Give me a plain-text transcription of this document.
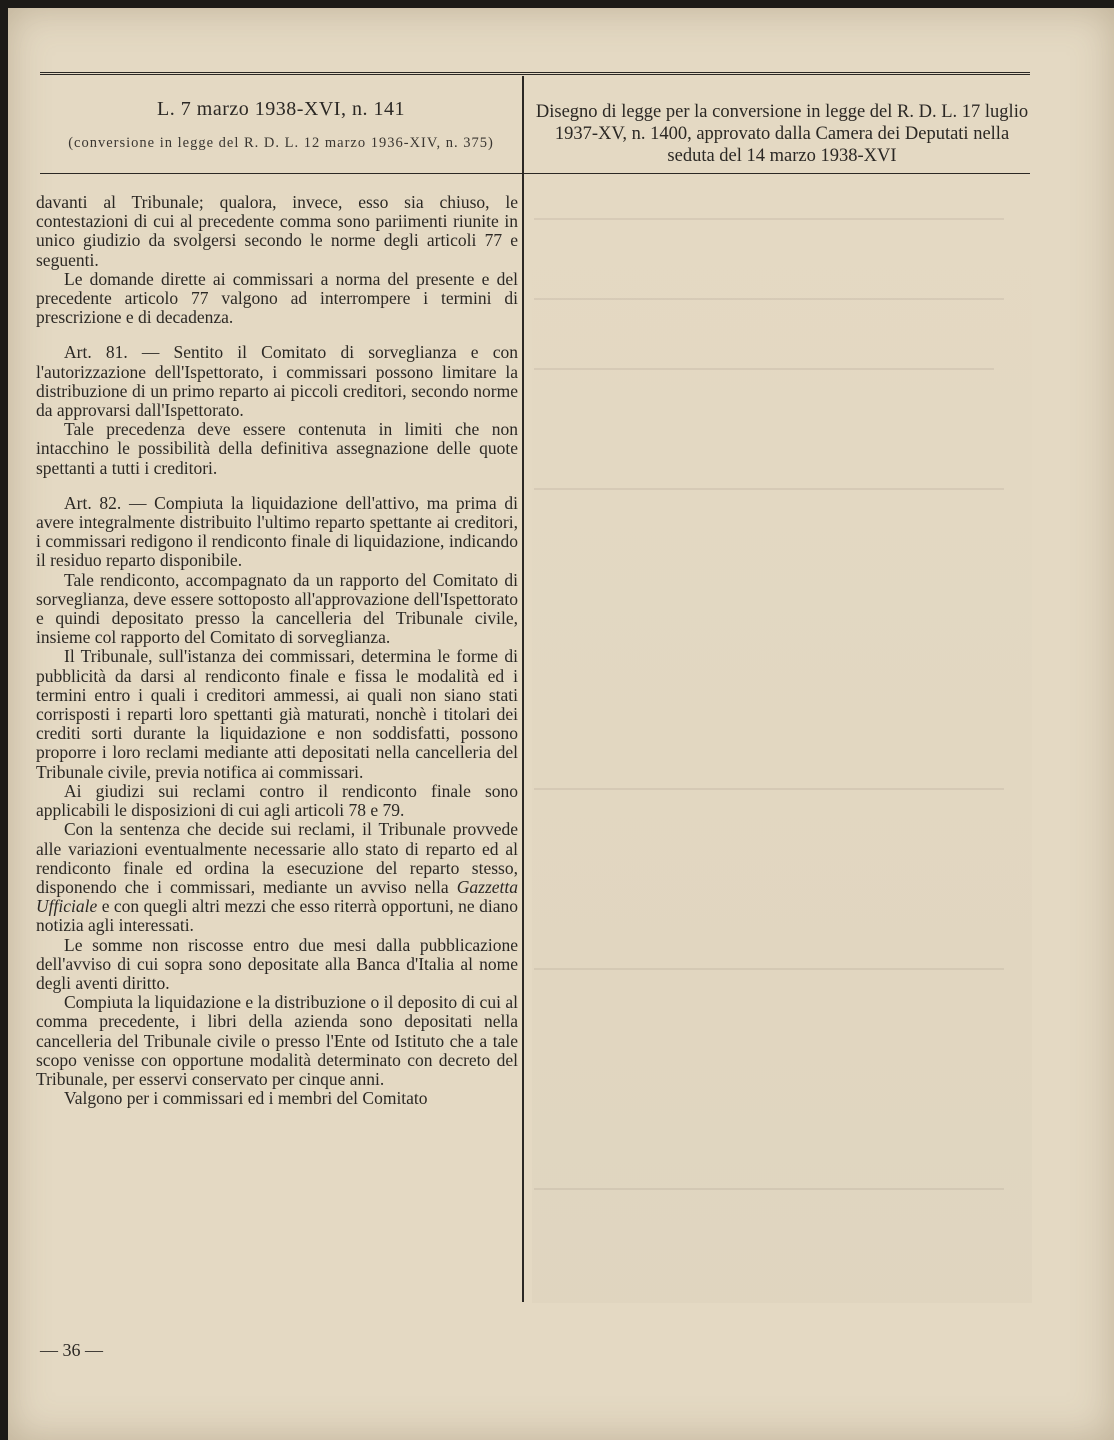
L. 7 marzo 1938-XVI, n. 141

(conversione in legge del R. D. L. 12 marzo 1936-XIV, n. 375)

Disegno di legge per la conversione in legge del R. D. L. 17 luglio 1937-XV, n. 1400, approvato dalla Camera dei Deputati nella seduta del 14 marzo 1938-XVI

davanti al Tribunale; qualora, invece, esso sia chiuso, le contestazioni di cui al precedente comma sono pariimenti riunite in unico giudizio da svolgersi secondo le norme degli articoli 77 e seguenti.

Le domande dirette ai commissari a norma del presente e del precedente articolo 77 valgono ad interrompere i termini di prescrizione e di decadenza.

Art. 81. — Sentito il Comitato di sorveglianza e con l'autorizzazione dell'Ispettorato, i commissari possono limitare la distribuzione di un primo reparto ai piccoli creditori, secondo norme da approvarsi dall'Ispettorato.

Tale precedenza deve essere contenuta in limiti che non intacchino le possibilità della definitiva assegnazione delle quote spettanti a tutti i creditori.

Art. 82. — Compiuta la liquidazione dell'attivo, ma prima di avere integralmente distribuito l'ultimo reparto spettante ai creditori, i commissari redigono il rendiconto finale di liquidazione, indicando il residuo reparto disponibile.

Tale rendiconto, accompagnato da un rapporto del Comitato di sorveglianza, deve essere sottoposto all'approvazione dell'Ispettorato e quindi depositato presso la cancelleria del Tribunale civile, insieme col rapporto del Comitato di sorveglianza.

Il Tribunale, sull'istanza dei commissari, determina le forme di pubblicità da darsi al rendiconto finale e fissa le modalità ed i termini entro i quali i creditori ammessi, ai quali non siano stati corrisposti i reparti loro spettanti già maturati, nonchè i titolari dei crediti sorti durante la liquidazione e non soddisfatti, possono proporre i loro reclami mediante atti depositati nella cancelleria del Tribunale civile, previa notifica ai commissari.

Ai giudizi sui reclami contro il rendiconto finale sono applicabili le disposizioni di cui agli articoli 78 e 79.

Con la sentenza che decide sui reclami, il Tribunale provvede alle variazioni eventualmente necessarie allo stato di reparto ed al rendiconto finale ed ordina la esecuzione del reparto stesso, disponendo che i commissari, mediante un avviso nella Gazzetta Ufficiale e con quegli altri mezzi che esso riterrà opportuni, ne diano notizia agli interessati.

Le somme non riscosse entro due mesi dalla pubblicazione dell'avviso di cui sopra sono depositate alla Banca d'Italia al nome degli aventi diritto.

Compiuta la liquidazione e la distribuzione o il deposito di cui al comma precedente, i libri della azienda sono depositati nella cancelleria del Tribunale civile o presso l'Ente od Istituto che a tale scopo venisse con opportune modalità determinato con decreto del Tribunale, per esservi conservato per cinque anni.

Valgono per i commissari ed i membri del Comitato

— 36 —
